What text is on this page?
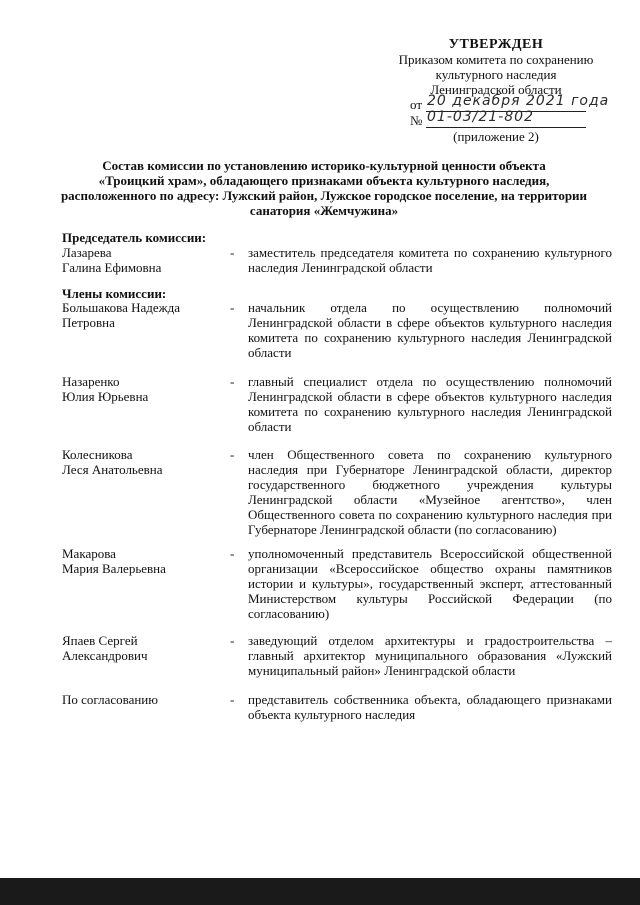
УТВЕРЖДЕН
Приказом комитета по сохранению
культурного наследия
Ленинградской области
от 20 декабря 2021 года
№ 01-03/21-802
(приложение 2)
Состав комиссии по установлению историко-культурной ценности объекта
«Троицкий храм», обладающего признаками объекта культурного наследия,
расположенного по адресу: Лужский район, Лужское городское поселение, на территории
санатория «Жемчужина»
Председатель комиссии:
Лазарева
Галина Ефимовна
-	заместитель председателя комитета по сохранению культурного наследия Ленинградской области
Члены комиссии:
Большакова Надежда
Петровна
-	начальник отдела по осуществлению полномочий Ленинградской области в сфере объектов культурного наследия комитета по сохранению культурного наследия Ленинградской области
Назаренко
Юлия Юрьевна
-	главный специалист отдела по осуществлению полномочий Ленинградской области в сфере объектов культурного наследия комитета по сохранению культурного наследия Ленинградской области
Колесникова
Леся Анатольевна
-	член Общественного совета по сохранению культурного наследия при Губернаторе Ленинградской области, директор государственного бюджетного учреждения культуры Ленинградской области «Музейное агентство», член Общественного совета по сохранению культурного наследия при Губернаторе Ленинградской области (по согласованию)
Макарова
Мария Валерьевна
-	уполномоченный представитель Всероссийской общественной организации «Всероссийское общество охраны памятников истории и культуры», государственный эксперт, аттестованный Министерством культуры Российской Федерации (по согласованию)
Япаев Сергей
Александрович
-	заведующий отделом архитектуры и градостроительства – главный архитектор муниципального образования «Лужский муниципальный район» Ленинградской области
По согласованию	-	представитель собственника объекта, обладающего признаками объекта культурного наследия
